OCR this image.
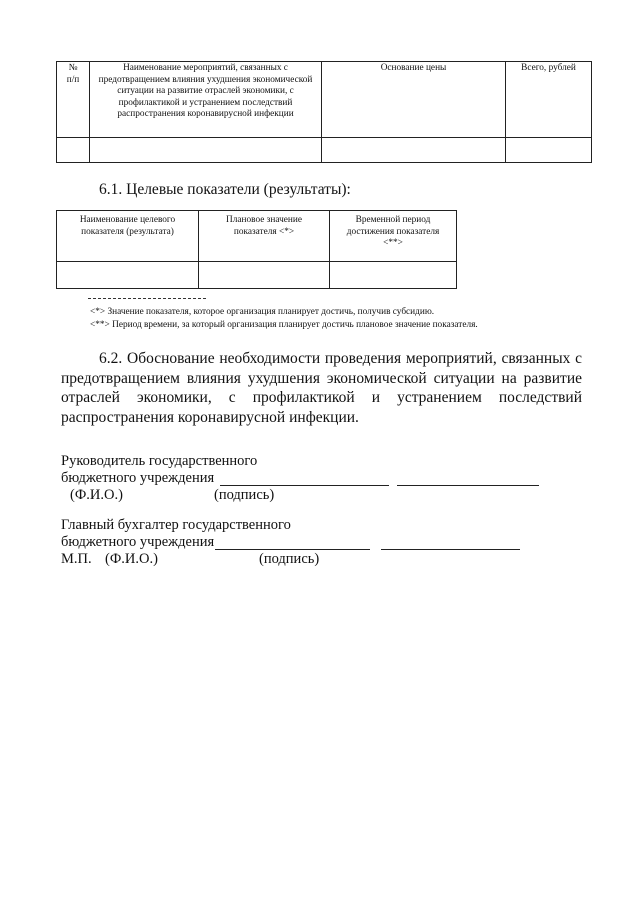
№ п/п	Наименование мероприятий, связанных с предотвращением влияния ухудшения экономической ситуации на развитие отраслей экономики, с профилактикой и устранением последствий распространения коронавирусной инфекции	Основание цены	Всего, рублей

6.1. Целевые показатели (результаты):
Наименование целевого показателя (результата)	Плановое значение показателя <*>	Временной период достижения показателя <**>

<*> Значение показателя, которое организация планирует достичь, получив субсидию.
<**> Период времени, за который организация планирует достичь плановое значение показателя.
6.2. Обоснование необходимости проведения мероприятий, связанных с предотвращением влияния ухудшения экономической ситуации на развитие отраслей экономики, с профилактикой и устранением последствий распространения коронавирусной инфекции.
Руководитель государственного
бюджетного учреждения
(Ф.И.О.)	(подпись)
Главный бухгалтер государственного
бюджетного учреждения
М.П. (Ф.И.О.)	(подпись)
